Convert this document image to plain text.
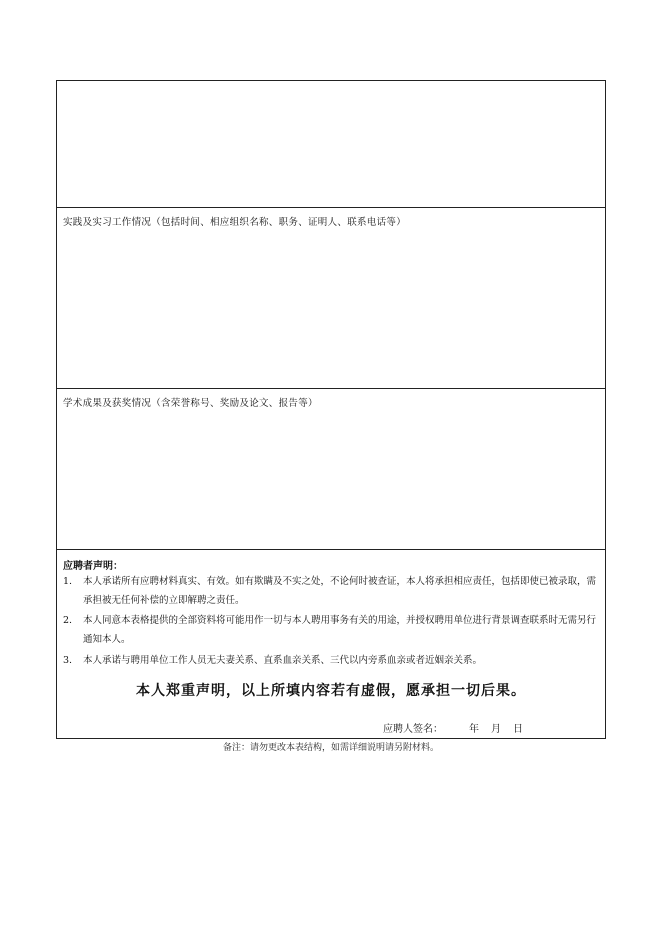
实践及实习工作情况（包括时间、相应组织名称、职务、证明人、联系电话等）
学术成果及获奖情况（含荣誉称号、奖励及论文、报告等）
应聘者声明：
1. 本人承诺所有应聘材料真实、有效。如有欺瞒及不实之处，不论何时被查证，本人将承担相应责任，包括即使已被录取，需承担被无任何补偿的立即解聘之责任。
2. 本人同意本表格提供的全部资料将可能用作一切与本人聘用事务有关的用途，并授权聘用单位进行背景调查联系时无需另行通知本人。
3. 本人承诺与聘用单位工作人员无夫妻关系、直系血亲关系、三代以内旁系血亲或者近姻亲关系。
本人郑重声明，以上所填内容若有虚假，愿承担一切后果。
应聘人签名：	年 月 日
备注：请勿更改本表结构，如需详细说明请另附材料。
